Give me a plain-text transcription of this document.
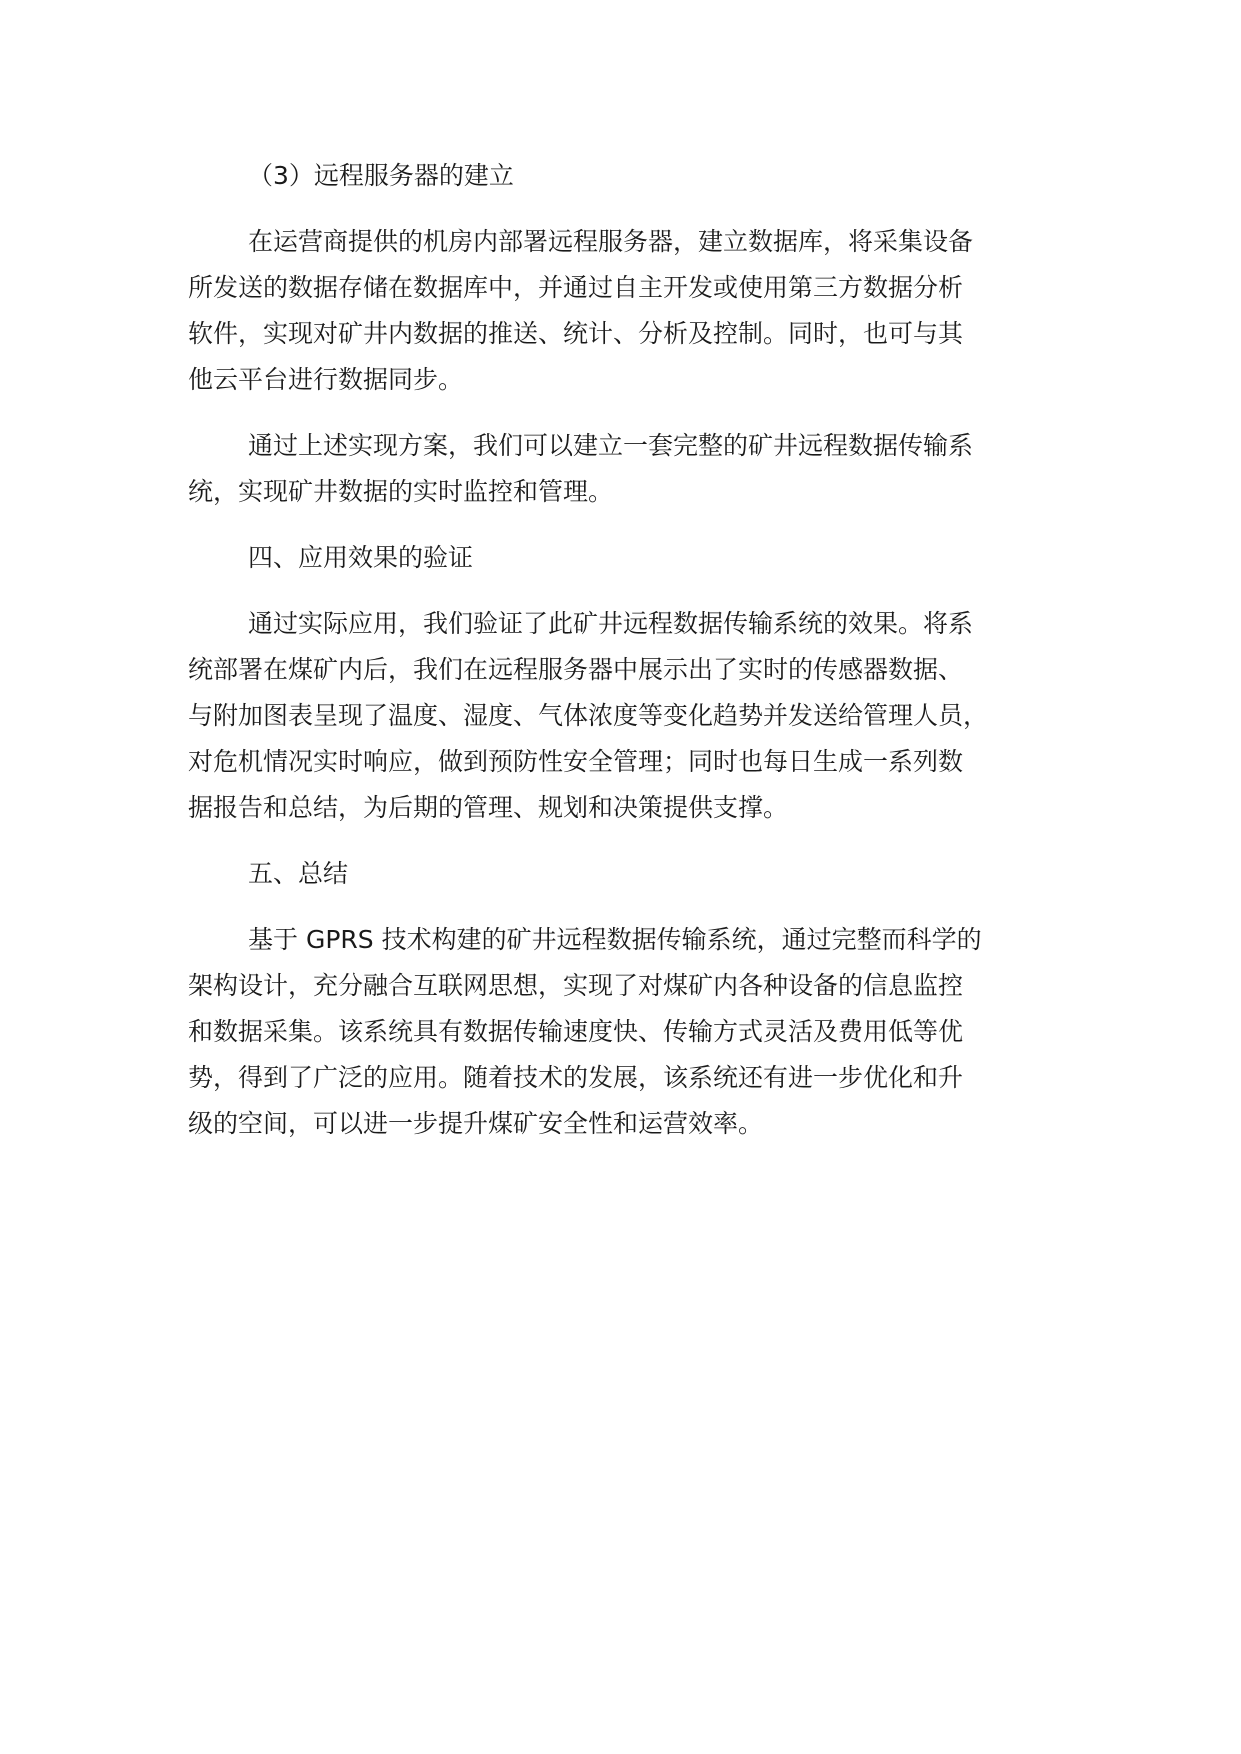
（3）远程服务器的建立

在运营商提供的机房内部署远程服务器，建立数据库，将采集设备

所发送的数据存储在数据库中，并通过自主开发或使用第三方数据分析

软件，实现对矿井内数据的推送、统计、分析及控制。同时，也可与其

他云平台进行数据同步。

通过上述实现方案，我们可以建立一套完整的矿井远程数据传输系

统，实现矿井数据的实时监控和管理。

四、应用效果的验证

通过实际应用，我们验证了此矿井远程数据传输系统的效果。将系

统部署在煤矿内后，我们在远程服务器中展示出了实时的传感器数据、

与附加图表呈现了温度、湿度、气体浓度等变化趋势并发送给管理人员，

对危机情况实时响应，做到预防性安全管理；同时也每日生成一系列数

据报告和总结，为后期的管理、规划和决策提供支撑。

五、总结

基于 GPRS 技术构建的矿井远程数据传输系统，通过完整而科学的

架构设计，充分融合互联网思想，实现了对煤矿内各种设备的信息监控

和数据采集。该系统具有数据传输速度快、传输方式灵活及费用低等优

势，得到了广泛的应用。随着技术的发展，该系统还有进一步优化和升

级的空间，可以进一步提升煤矿安全性和运营效率。
